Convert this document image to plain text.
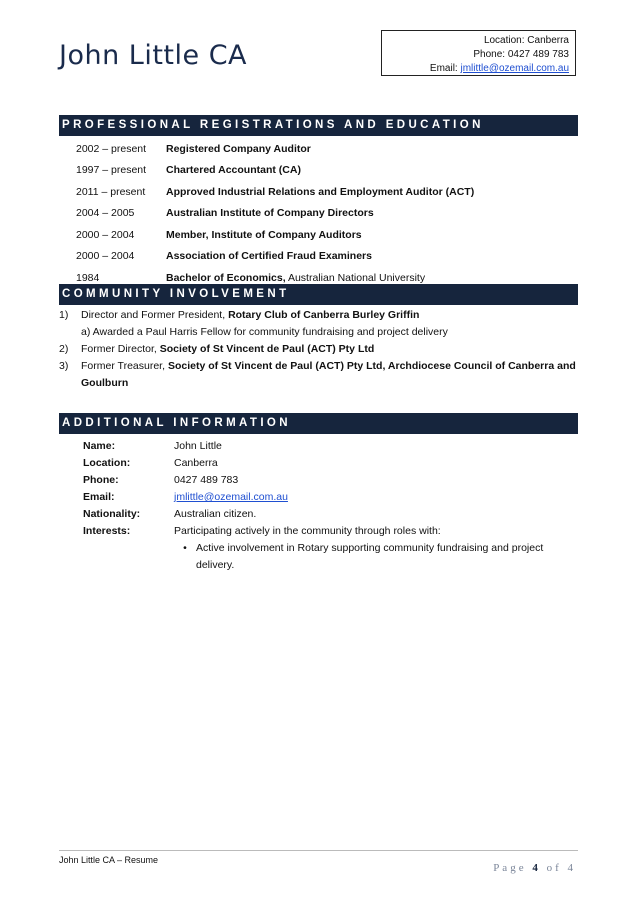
John Little CA	Location: Canberra
Phone: 0427 489 783
Email: jmlittle@ozemail.com.au
PROFESSIONAL REGISTRATIONS AND EDUCATION
2002 – present	Registered Company Auditor
1997 – present	Chartered Accountant (CA)
2011 – present	Approved Industrial Relations and Employment Auditor (ACT)
2004 – 2005	Australian Institute of Company Directors
2000 – 2004	Member, Institute of Company Auditors
2000 – 2004	Association of Certified Fraud Examiners
1984	Bachelor of Economics, Australian National University
COMMUNITY INVOLVEMENT
1)	Director and Former President, Rotary Club of Canberra Burley Griffin
a) Awarded a Paul Harris Fellow for community fundraising and project delivery
2)	Former Director, Society of St Vincent de Paul (ACT) Pty Ltd
3)	Former Treasurer, Society of St Vincent de Paul (ACT) Pty Ltd, Archdiocese Council of Canberra and Goulburn
ADDITIONAL INFORMATION
Name:	John Little
Location:	Canberra
Phone:	0427 489 783
Email:	jmlittle@ozemail.com.au
Nationality:	Australian citizen.
Interests:	Participating actively in the community through roles with:
• Active involvement in Rotary supporting community fundraising and project delivery.
John Little CA – Resume
Page 4 of 4
